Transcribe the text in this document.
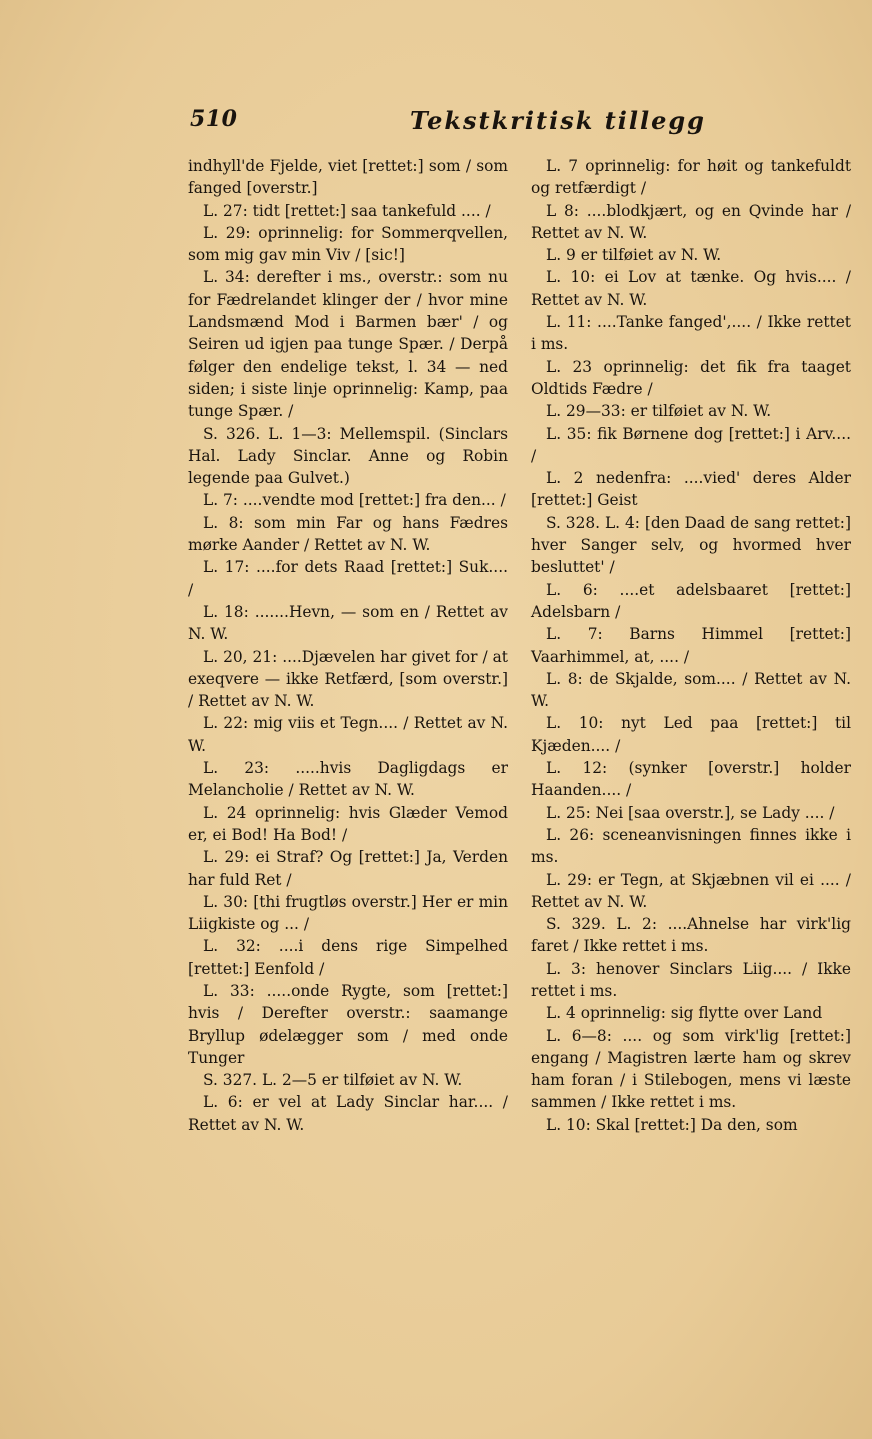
510	Tekstkritisk tillegg

indhyll'de Fjelde, viet [rettet:] som / som fanged [overstr.]

L. 27: tidt [rettet:] saa tankefuld .... /

L. 29: oprinnelig: for Sommerqvellen, som mig gav min Viv / [sic!]

L. 34: derefter i ms., overstr.: som nu for Fædrelandet klinger der / hvor mine Landsmænd Mod i Barmen bær' / og Seiren ud igjen paa tunge Spær. / Derpå følger den endelige tekst, l. 34 — ned siden; i siste linje oprinnelig: Kamp, paa tunge Spær. /

S. 326. L. 1—3: Mellemspil. (Sinclars Hal. Lady Sinclar. Anne og Robin legende paa Gulvet.)

L. 7: ....vendte mod [rettet:] fra den... /

L. 8: som min Far og hans Fædres mørke Aander / Rettet av N. W.

L. 17: ....for dets Raad [rettet:] Suk.... /

L. 18: .......Hevn, — som en / Rettet av N. W.

L. 20, 21: ....Djævelen har givet for / at exeqvere — ikke Retfærd, [som overstr.] / Rettet av N. W.

L. 22: mig viis et Tegn.... / Rettet av N. W.

L. 23: .....hvis Dagligdags er Melancholie / Rettet av N. W.

L. 24 oprinnelig: hvis Glæder Vemod er, ei Bod! Ha Bod! /

L. 29: ei Straf? Og [rettet:] Ja, Verden har fuld Ret /

L. 30: [thi frugtløs overstr.] Her er min Liigkiste og ... /

L. 32: ....i dens rige Simpelhed [rettet:] Eenfold /

L. 33: .....onde Rygte, som [rettet:] hvis / Derefter overstr.: saamange Bryllup ødelægger som / med onde Tunger

S. 327. L. 2—5 er tilføiet av N. W.

L. 6: er vel at Lady Sinclar har.... / Rettet av N. W.

L. 7 oprinnelig: for høit og tankefuldt og retfærdigt /

L 8: ....blodkjært, og en Qvinde har / Rettet av N. W.

L. 9 er tilføiet av N. W.

L. 10: ei Lov at tænke. Og hvis.... / Rettet av N. W.

L. 11: ....Tanke fanged',.... / Ikke rettet i ms.

L. 23 oprinnelig: det fik fra taaget Oldtids Fædre /

L. 29—33: er tilføiet av N. W.

L. 35: fik Børnene dog [rettet:] i Arv.... /

L. 2 nedenfra: ....vied' deres Alder [rettet:] Geist

S. 328. L. 4: [den Daad de sang rettet:] hver Sanger selv, og hvormed hver besluttet' /

L. 6: ....et adelsbaaret [rettet:] Adelsbarn /

L. 7: Barns Himmel [rettet:] Vaarhimmel, at, .... /

L. 8: de Skjalde, som.... / Rettet av N. W.

L. 10: nyt Led paa [rettet:] til Kjæden.... /

L. 12: (synker [overstr.] holder Haanden.... /

L. 25: Nei [saa overstr.], se Lady .... /

L. 26: sceneanvisningen finnes ikke i ms.

L. 29: er Tegn, at Skjæbnen vil ei .... / Rettet av N. W.

S. 329. L. 2: ....Ahnelse har virk'lig faret / Ikke rettet i ms.

L. 3: henover Sinclars Liig.... / Ikke rettet i ms.

L. 4 oprinnelig: sig flytte over Land

L. 6—8: .... og som virk'lig [rettet:] engang / Magistren lærte ham og skrev ham foran / i Stilebogen, mens vi læste sammen / Ikke rettet i ms.

L. 10: Skal [rettet:] Da den, som
